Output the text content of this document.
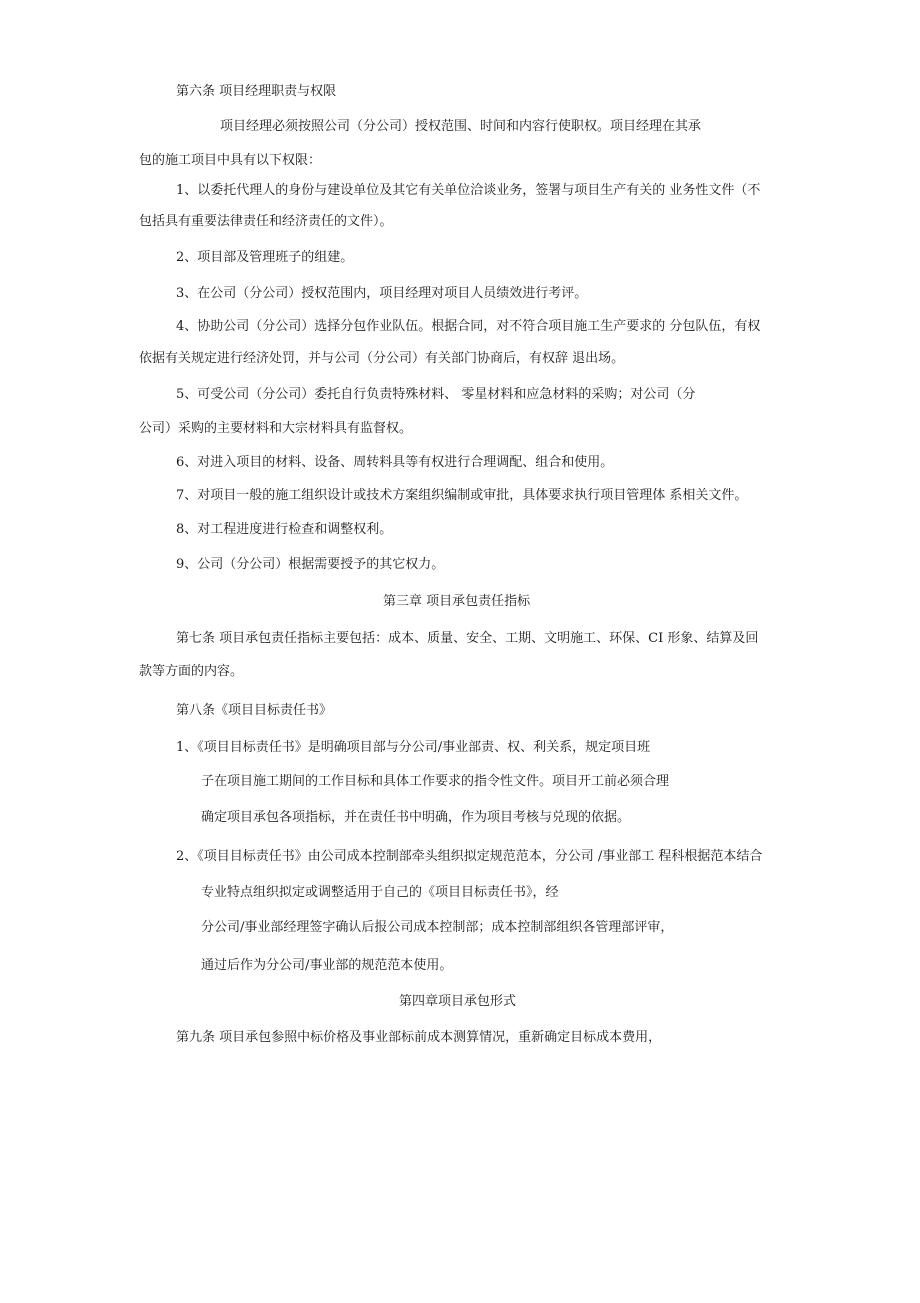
第六条 项目经理职责与权限
项目经理必须按照公司（分公司）授权范围、时间和内容行使职权。项目经理在其承
包的施工项目中具有以下权限：
1、以委托代理人的身份与建设单位及其它有关单位洽谈业务，签署与项目生产有关的 业务性文件（不
包括具有重要法律责任和经济责任的文件）。
2、项目部及管理班子的组建。
3、在公司（分公司）授权范围内，项目经理对项目人员绩效进行考评。
4、协助公司（分公司）选择分包作业队伍。根据合同，对不符合项目施工生产要求的 分包队伍，有权
依据有关规定进行经济处罚，并与公司（分公司）有关部门协商后，有权辞 退出场。
5、可受公司（分公司）委托自行负责特殊材料、 零星材料和应急材料的采购；对公司（分
公司）采购的主要材料和大宗材料具有监督权。
6、对进入项目的材料、设备、周转料具等有权进行合理调配、组合和使用。
7、对项目一般的施工组织设计或技术方案组织编制或审批，具体要求执行项目管理体 系相关文件。
8、对工程进度进行检查和调整权利。
9、公司（分公司）根据需要授予的其它权力。
第三章 项目承包责任指标
第七条 项目承包责任指标主要包括：成本、质量、安全、工期、文明施工、环保、CI 形象、结算及回
款等方面的内容。
第八条《项目目标责任书》
1、《项目目标责任书》是明确项目部与分公司/事业部责、权、利关系，规定项目班
子在项目施工期间的工作目标和具体工作要求的指令性文件。项目开工前必须合理
确定项目承包各项指标，并在责任书中明确，作为项目考核与兑现的依据。
2、《项目目标责任书》由公司成本控制部牵头组织拟定规范范本，分公司 /事业部工 程科根据范本结合
专业特点组织拟定或调整适用于自己的《项目目标责任书》，经
分公司/事业部经理签字确认后报公司成本控制部；成本控制部组织各管理部评审，
通过后作为分公司/事业部的规范范本使用。
第四章项目承包形式
第九条 项目承包参照中标价格及事业部标前成本测算情况，重新确定目标成本费用，
